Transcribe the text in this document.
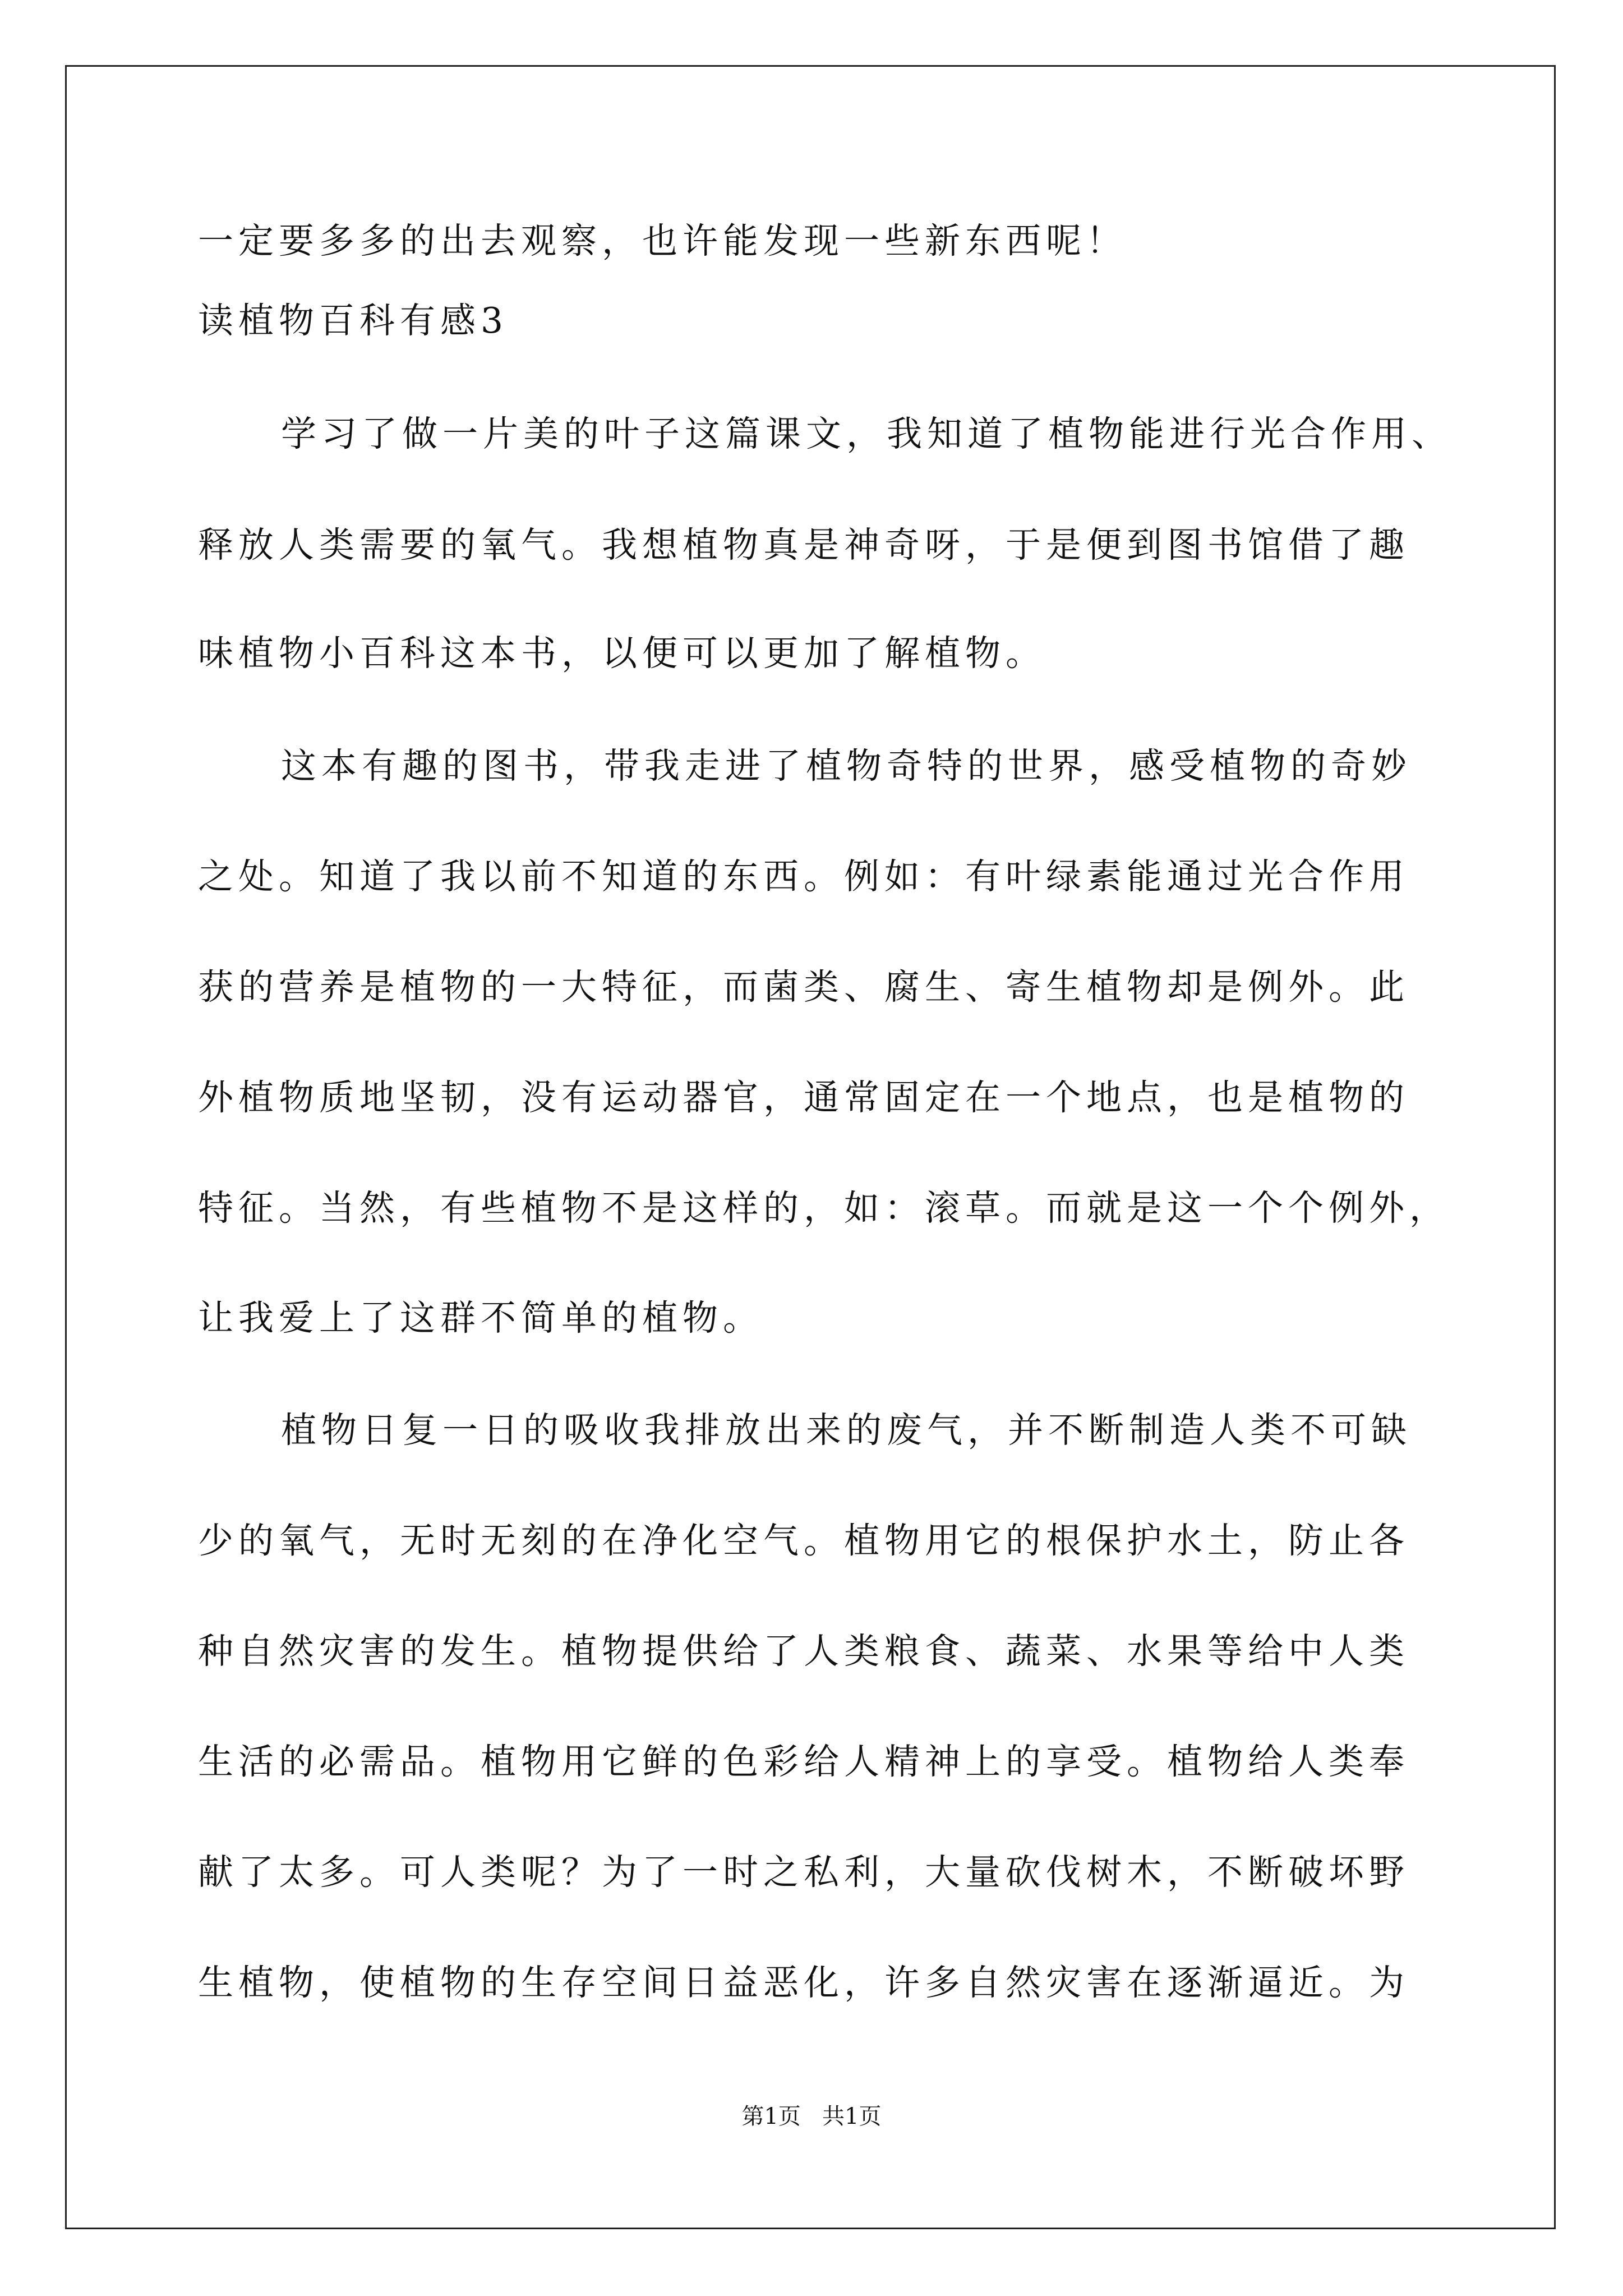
一定要多多的出去观察，也许能发现一些新东西呢！
读植物百科有感3
学习了做一片美的叶子这篇课文，我知道了植物能进行光合作用、
释放人类需要的氧气。我想植物真是神奇呀，于是便到图书馆借了趣
味植物小百科这本书，以便可以更加了解植物。
这本有趣的图书，带我走进了植物奇特的世界，感受植物的奇妙
之处。知道了我以前不知道的东西。例如：有叶绿素能通过光合作用
获的营养是植物的一大特征，而菌类、腐生、寄生植物却是例外。此
外植物质地坚韧，没有运动器官，通常固定在一个地点，也是植物的
特征。当然，有些植物不是这样的，如：滚草。而就是这一个个例外，
让我爱上了这群不简单的植物。
植物日复一日的吸收我排放出来的废气，并不断制造人类不可缺
少的氧气，无时无刻的在净化空气。植物用它的根保护水土，防止各
种自然灾害的发生。植物提供给了人类粮食、蔬菜、水果等给中人类
生活的必需品。植物用它鲜的色彩给人精神上的享受。植物给人类奉
献了太多。可人类呢？为了一时之私利，大量砍伐树木，不断破坏野
生植物，使植物的生存空间日益恶化，许多自然灾害在逐渐逼近。为
第1页   共1页
